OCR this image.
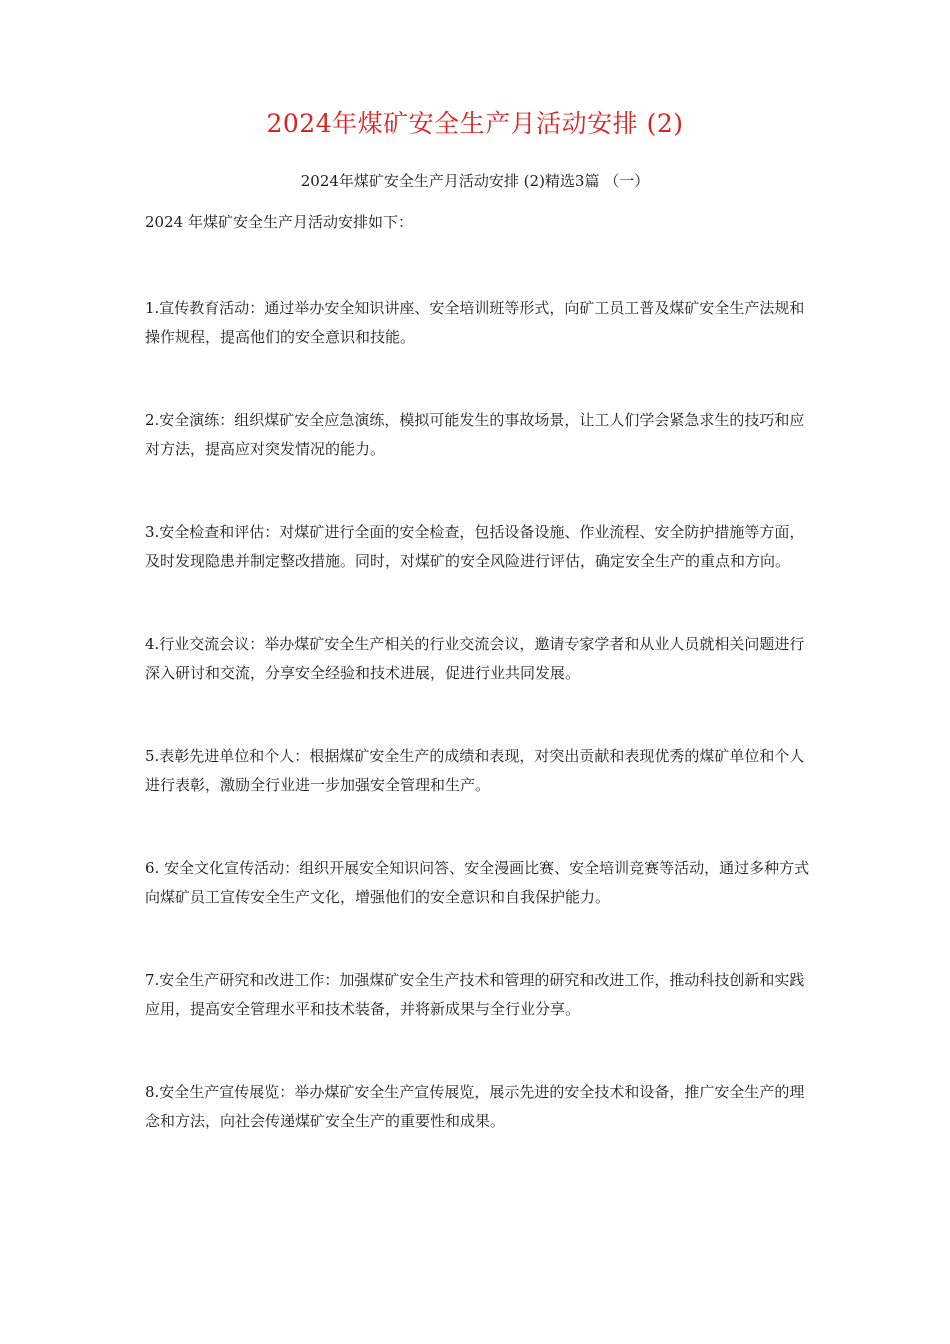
2024年煤矿安全生产月活动安排 (2)
2024年煤矿安全生产月活动安排 (2)精选3篇 （一）
2024 年煤矿安全生产月活动安排如下：

1.宣传教育活动：通过举办安全知识讲座、安全培训班等形式，向矿工员工普及煤矿安全生产法规和操作规程，提高他们的安全意识和技能。

2.安全演练：组织煤矿安全应急演练，模拟可能发生的事故场景，让工人们学会紧急求生的技巧和应对方法，提高应对突发情况的能力。

3.安全检查和评估：对煤矿进行全面的安全检查，包括设备设施、作业流程、安全防护措施等方面，及时发现隐患并制定整改措施。同时，对煤矿的安全风险进行评估，确定安全生产的重点和方向。

4.行业交流会议：举办煤矿安全生产相关的行业交流会议，邀请专家学者和从业人员就相关问题进行深入研讨和交流，分享安全经验和技术进展，促进行业共同发展。

5.表彰先进单位和个人：根据煤矿安全生产的成绩和表现，对突出贡献和表现优秀的煤矿单位和个人进行表彰，激励全行业进一步加强安全管理和生产。

6. 安全文化宣传活动：组织开展安全知识问答、安全漫画比赛、安全培训竞赛等活动，通过多种方式向煤矿员工宣传安全生产文化，增强他们的安全意识和自我保护能力。

7.安全生产研究和改进工作：加强煤矿安全生产技术和管理的研究和改进工作，推动科技创新和实践应用，提高安全管理水平和技术装备，并将新成果与全行业分享。

8.安全生产宣传展览：举办煤矿安全生产宣传展览，展示先进的安全技术和设备，推广安全生产的理念和方法，向社会传递煤矿安全生产的重要性和成果。
